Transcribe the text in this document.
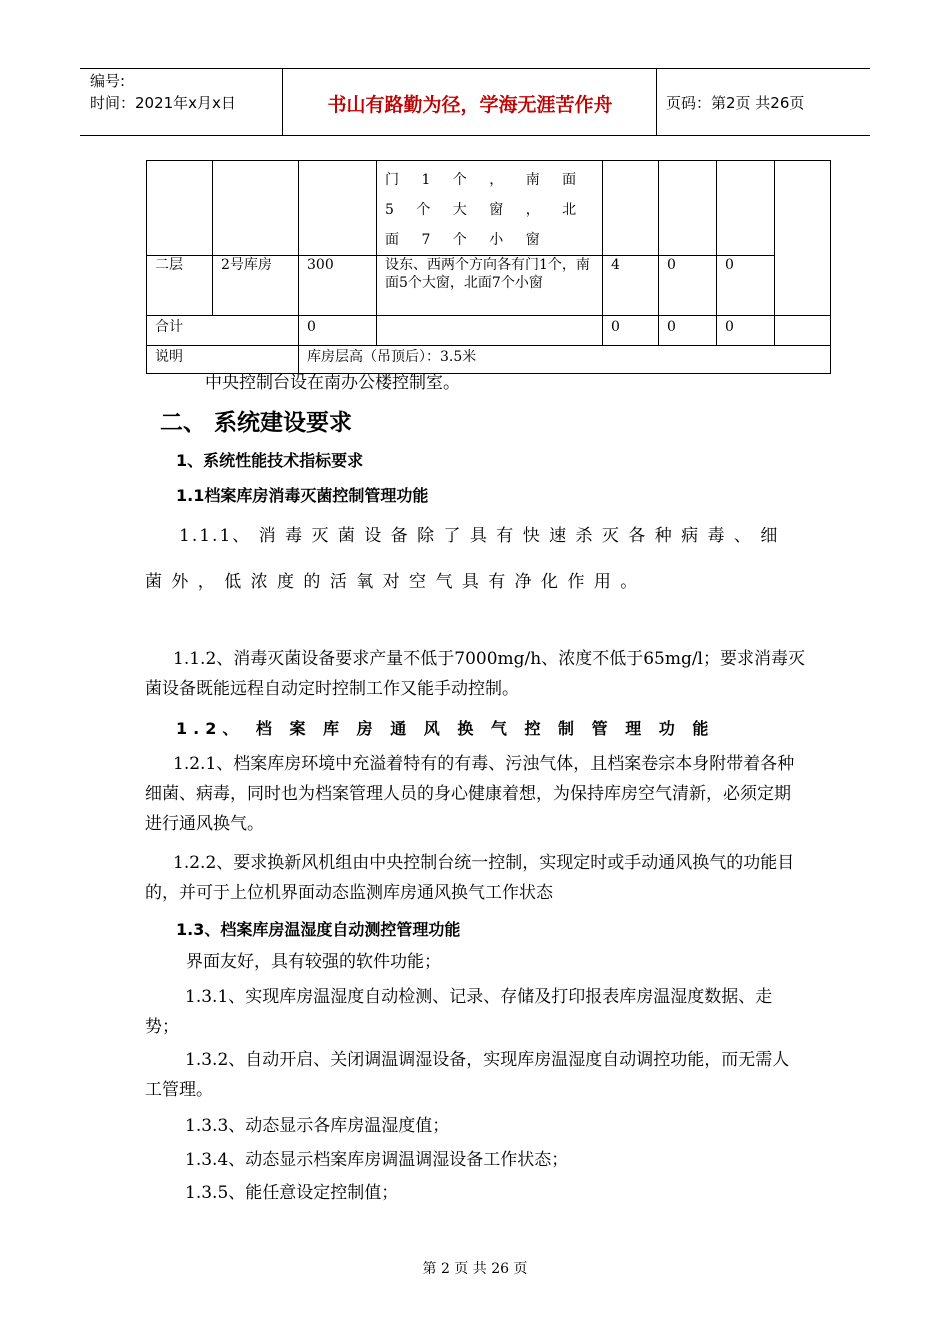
编号:
时间：2021年x月x日	书山有路勤为径，学海无涯苦作舟	页码：第2页 共26页
			门 1 个 ， 南 面 5 个 大 窗 ， 北 面 7 个 小 窗				
二层	2号库房	300	设东、西两个方向各有门1个，南面5个大窗，北面7个小窗	4	0	0	
合计		0		0	0	0	
说明		库房层高（吊顶后）：3.5米					
中央控制台设在南办公楼控制室。
二、 系统建设要求
1、系统性能技术指标要求
1.1档案库房消毒灭菌控制管理功能
1.1.1、 消 毒 灭 菌 设 备 除 了 具 有 快 速 杀 灭 各 种 病 毒 、 细 菌 外 ， 低 浓 度 的 活 氧 对 空 气 具 有 净 化 作 用 。
1.1.2、消毒灭菌设备要求产量不低于7000mg/h、浓度不低于65mg/l；要求消毒灭菌设备既能远程自动定时控制工作又能手动控制。
1.2、 档 案 库 房 通 风 换 气 控 制 管 理 功 能
1.2.1、档案库房环境中充溢着特有的有毒、污浊气体，且档案卷宗本身附带着各种细菌、病毒，同时也为档案管理人员的身心健康着想，为保持库房空气清新，必须定期进行通风换气。
1.2.2、要求换新风机组由中央控制台统一控制，实现定时或手动通风换气的功能目的，并可于上位机界面动态监测库房通风换气工作状态
1.3、档案库房温湿度自动测控管理功能
界面友好，具有较强的软件功能；
1.3.1、实现库房温湿度自动检测、记录、存储及打印报表库房温湿度数据、走势；
1.3.2、自动开启、关闭调温调湿设备，实现库房温湿度自动调控功能，而无需人工管理。
1.3.3、动态显示各库房温湿度值；
1.3.4、动态显示档案库房调温调湿设备工作状态；
1.3.5、能任意设定控制值；
第 2 页 共 26 页
